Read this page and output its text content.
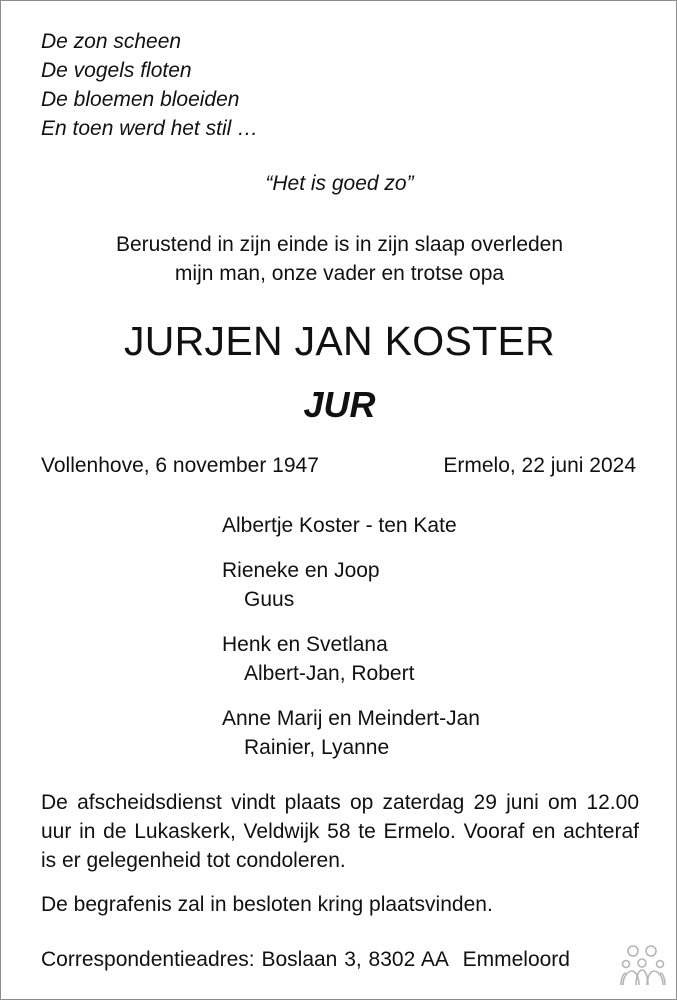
De zon scheen
De vogels floten
De bloemen bloeiden
En toen werd het stil …
“Het is goed zo”
Berustend in zijn einde is in zijn slaap overleden
mijn man, onze vader en trotse opa
JURJEN JAN KOSTER
JUR
Vollenhove, 6 november 1947	Ermelo, 22 juni 2024
Albertje Koster - ten Kate
Rieneke en Joop
Guus
Henk en Svetlana
Albert-Jan, Robert
Anne Marij en Meindert-Jan
Rainier, Lyanne
De afscheidsdienst vindt plaats op zaterdag 29 juni om 12.00 uur in de Lukaskerk, Veldwijk 58 te Ermelo. Vooraf en achteraf is er gelegenheid tot condoleren.
De begrafenis zal in besloten kring plaatsvinden.
Correspondentieadres: Boslaan 3, 8302 AA  Emmeloord
